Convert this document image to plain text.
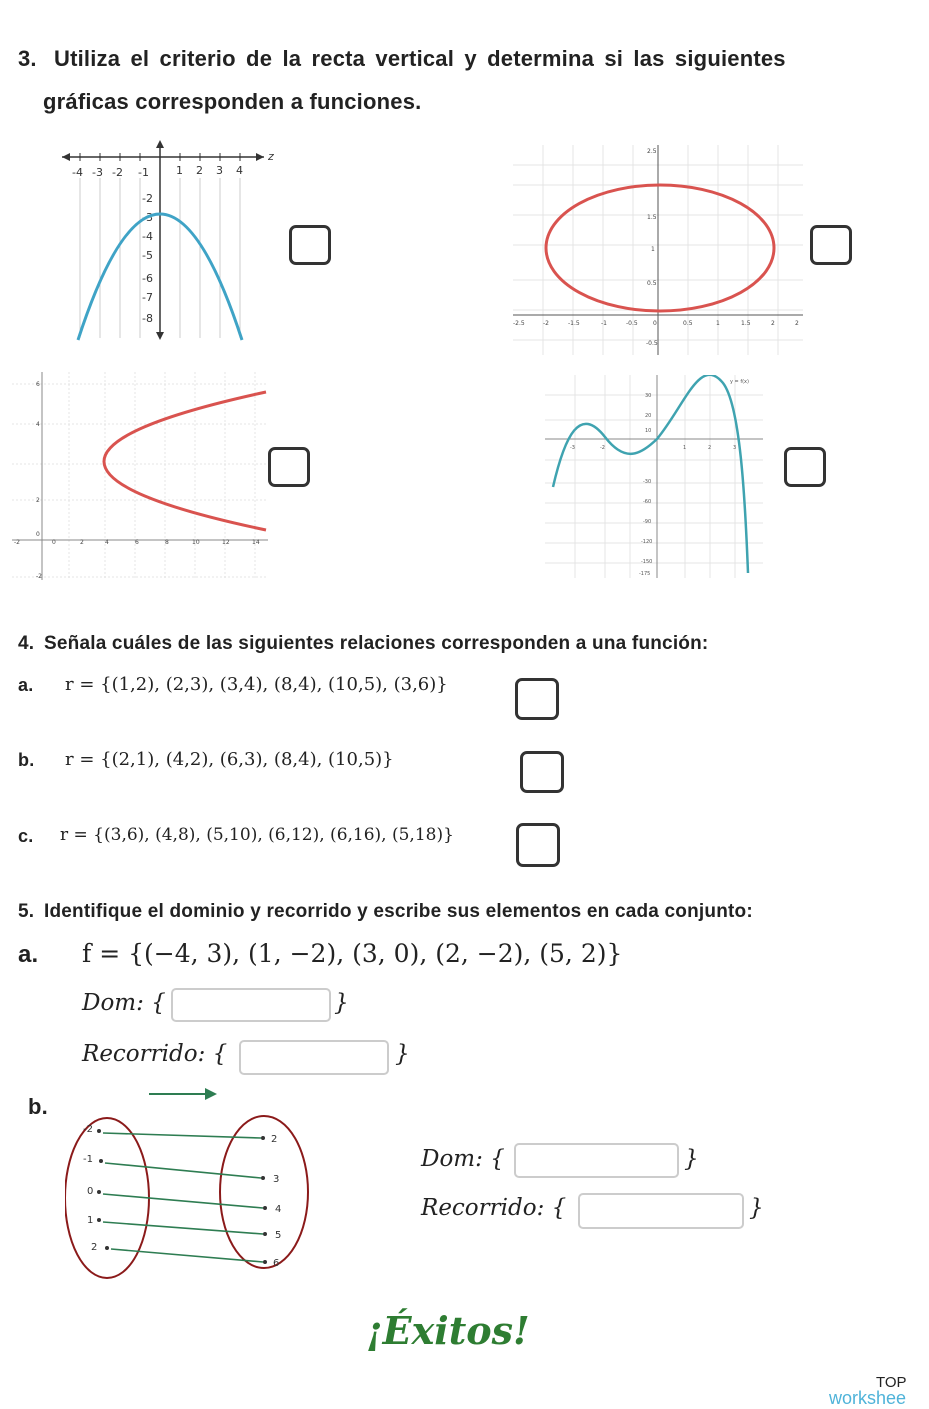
3. Utiliza el criterio de la recta vertical y determina si las siguientes
gráficas corresponden a funciones.
-4 -3 -2 -1 1 2 3 4
-2
-3
-4
-5
-6
-7
-8
z	2.5
1.5
1
0.5
-0.5
-2.5	-2	-1.5	-1	-0.5	0	0.5	1	1.5	2	2
-2	0	2	4	6	8	10	12	14
6
4
2
0
-2
y = f(x)
30
20
10
-30
-60
-90
-120
-150
-175
-3	-2	1	2	3
4. Señala cuáles de las siguientes relaciones corresponden a una función:
a. r = {(1,2), (2,3), (3,4), (8,4), (10,5), (3,6)}
b. r = {(2,1), (4,2), (6,3), (8,4), (10,5)}
c. r = {(3,6), (4,8), (5,10), (6,12), (6,16), (5,18)}
5. Identifique el dominio y recorrido y escribe sus elementos en cada conjunto:
a. f = {(−4, 3), (1, −2), (3, 0), (2, −2), (5, 2)}
Dom: {	}
Recorrido: {	}
b.
-2
-1
0
1
2
2
3
4
5
6
Dom: {	}
Recorrido: {	}
¡Éxitos!
TOP
workshee
